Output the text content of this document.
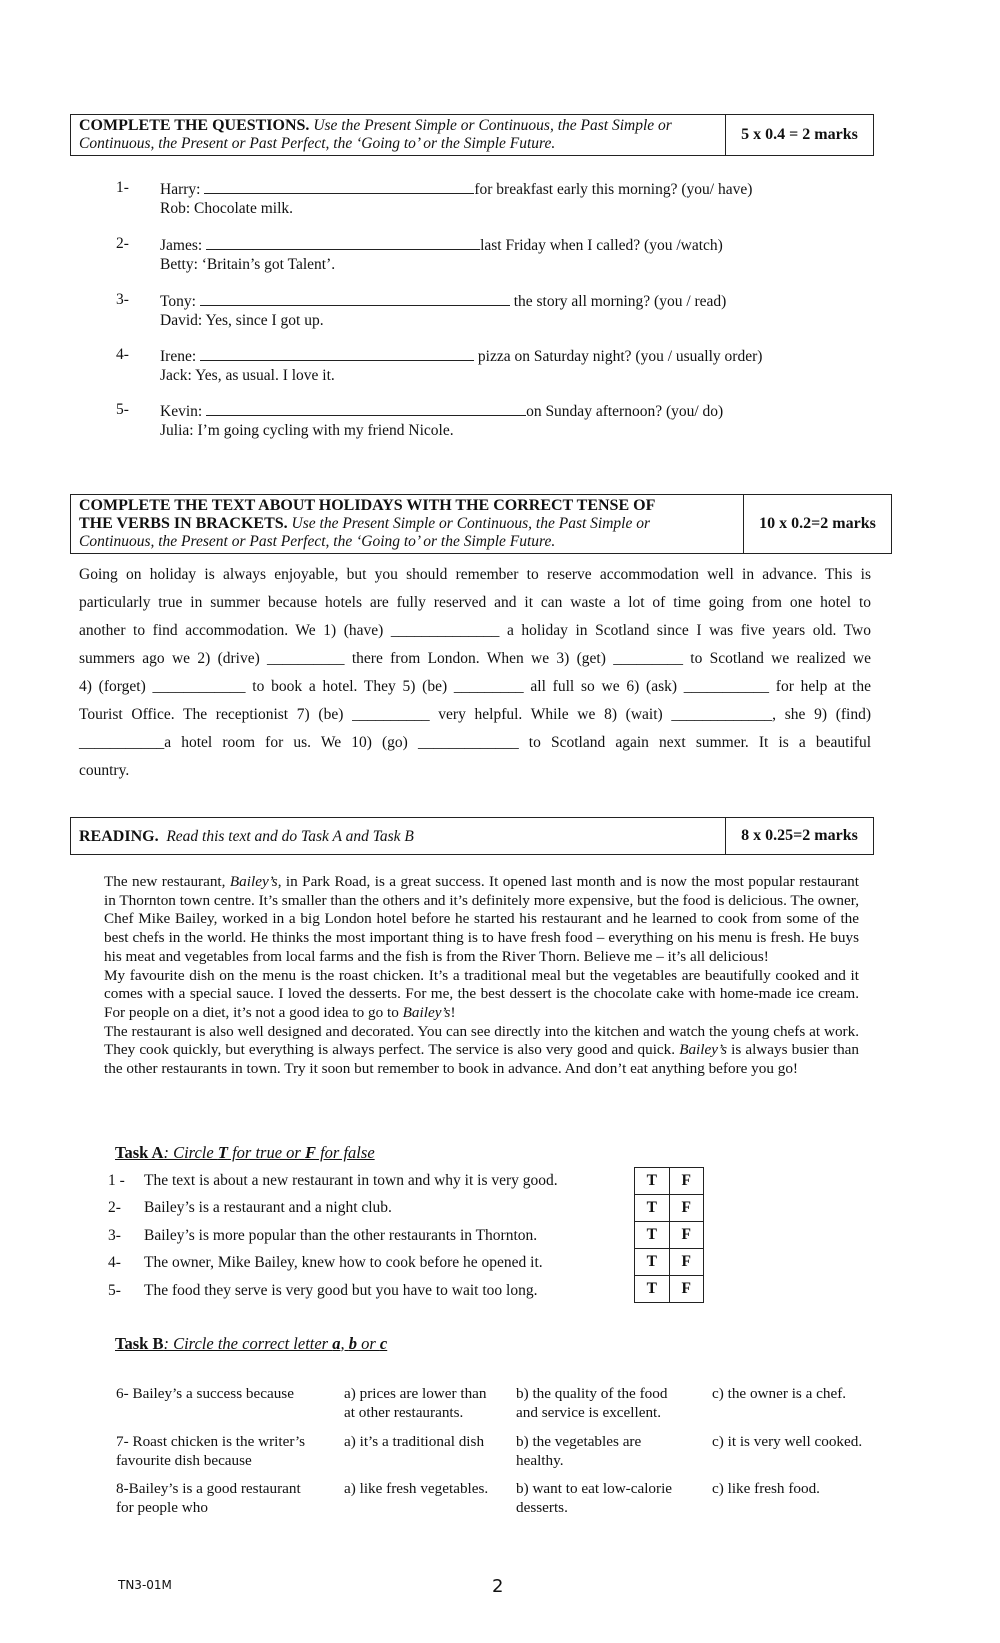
COMPLETE THE QUESTIONS. Use the Present Simple or Continuous, the Past Simple or
Continuous, the Present or Past Perfect, the ‘Going to’ or the Simple Future.
5 x 0.4 = 2 marks
1- Harry:	for breakfast early this morning? (you/ have)
Rob: Chocolate milk.
2- James:	last Friday when I called? (you /watch)
Betty: ‘Britain’s got Talent’.
3- Tony:	the story all morning? (you / read)
David: Yes, since I got up.
4- Irene:	pizza on Saturday night? (you / usually order)
Jack: Yes, as usual. I love it.
5- Kevin:	on Sunday afternoon? (you/ do)
Julia: I’m going cycling with my friend Nicole.
COMPLETE THE TEXT ABOUT HOLIDAYS WITH THE CORRECT TENSE OF
THE VERBS IN BRACKETS. Use the Present Simple or Continuous, the Past Simple or
Continuous, the Present or Past Perfect, the ‘Going to’ or the Simple Future.
10 x 0.2=2 marks
Going on holiday is always enjoyable, but you should remember to reserve accommodation well in advance. This is
particularly true in summer because hotels are fully reserved and it can waste a lot of time going from one hotel to
another to find accommodation. We 1) (have) ______________ a holiday in Scotland since I was five years old. Two
summers ago we 2) (drive) __________ there from London. When we 3) (get) _________ to Scotland we realized we
4) (forget) ____________ to book a hotel. They 5) (be) _________ all full so we 6) (ask) ___________ for help at the
Tourist Office. The receptionist 7) (be) __________ very helpful. While we 8) (wait) _____________, she 9) (find)
___________a hotel room for us. We 10) (go) _____________ to Scotland again next summer. It is a beautiful
country.
READING. Read this text and do Task A and Task B	8 x 0.25=2 marks

The new restaurant, Bailey’s, in Park Road, is a great success. It opened last month and is now the most popular restaurant in Thornton town centre. It’s smaller than the others and it’s definitely more expensive, but the food is delicious. The owner, Chef Mike Bailey, worked in a big London hotel before he started his restaurant and he learned to cook from some of the best chefs in the world. He thinks the most important thing is to have fresh food – everything on his menu is fresh. He buys his meat and vegetables from local farms and the fish is from the River Thorn. Believe me – it’s all delicious!

My favourite dish on the menu is the roast chicken. It’s a traditional meal but the vegetables are beautifully cooked and it comes with a special sauce. I loved the desserts. For me, the best dessert is the chocolate cake with home-made ice cream. For people on a diet, it’s not a good idea to go to Bailey’s!

The restaurant is also well designed and decorated. You can see directly into the kitchen and watch the young chefs at work. They cook quickly, but everything is always perfect. The service is also very good and quick. Bailey’s is always busier than the other restaurants in town. Try it soon but remember to book in advance. And don’t eat anything before you go!

Task A: Circle T for true or F for false
1 - The text is about a new restaurant in town and why it is very good.
2- Bailey’s is a restaurant and a night club.
3- Bailey’s is more popular than the other restaurants in Thornton.
4- The owner, Mike Bailey, knew how to cook before he opened it.
5- The food they serve is very good but you have to wait too long.
T	F
T	F
T	F
T	F
T	F
Task B: Circle the correct letter a, b or c
6- Bailey’s a success because	a) prices are lower than
at other restaurants.
b) the quality of the food
and service is excellent.
c) the owner is a chef.
7- Roast chicken is the writer’s
favourite dish because
a) it’s a traditional dish	b) the vegetables are
healthy.
c) it is very well cooked.
8-Bailey’s is a good restaurant
for people who
a) like fresh vegetables.	b) want to eat low-calorie
desserts.
c) like fresh food.
TN3-01M	2
